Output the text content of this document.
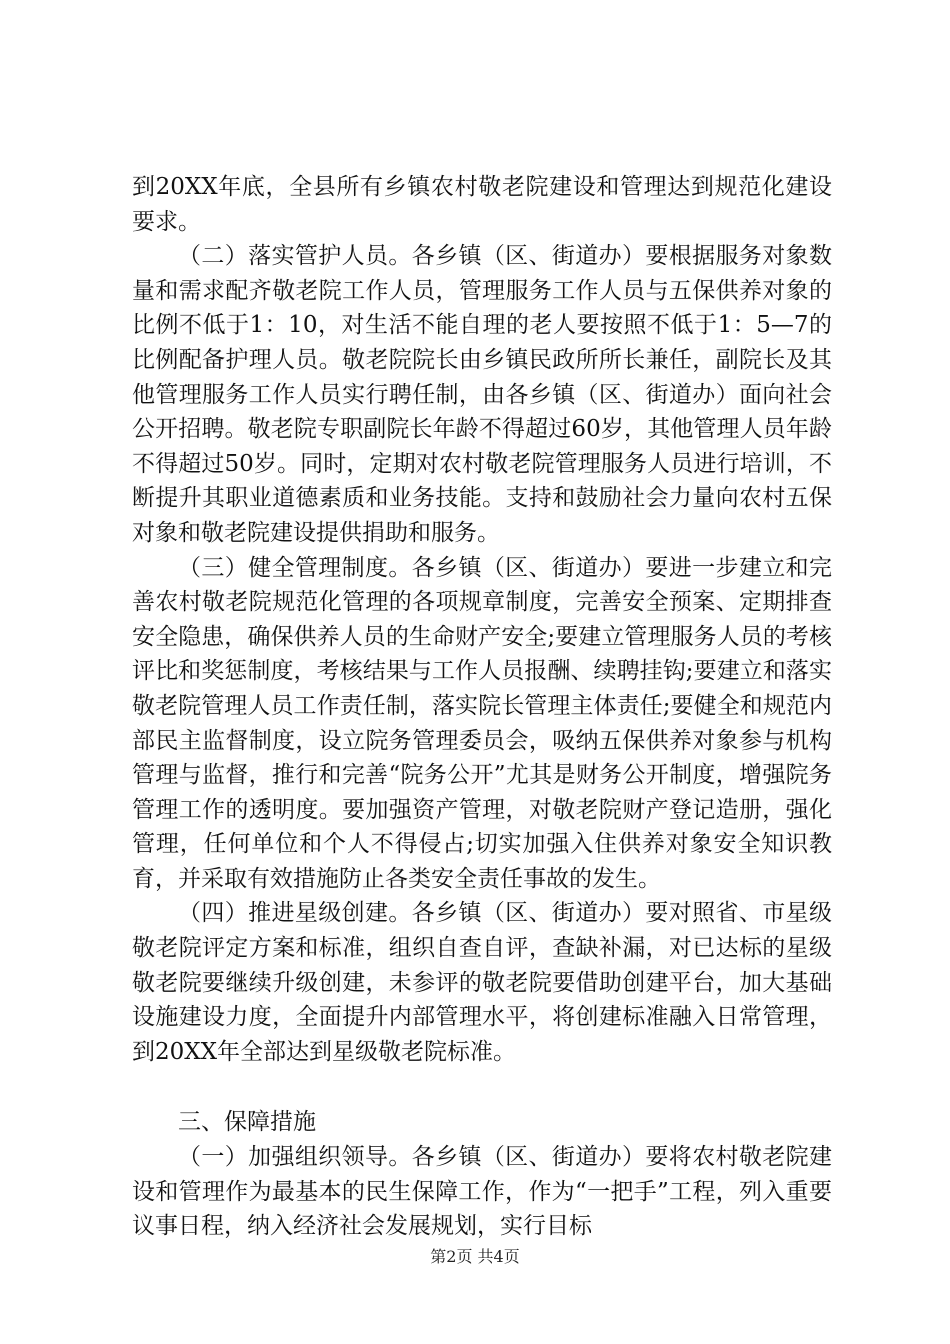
到20XX年底，全县所有乡镇农村敬老院建设和管理达到规范化建设要求。

（二）落实管护人员。各乡镇（区、街道办）要根据服务对象数量和需求配齐敬老院工作人员，管理服务工作人员与五保供养对象的比例不低于1：10，对生活不能自理的老人要按照不低于1：5—7的比例配备护理人员。敬老院院长由乡镇民政所所长兼任，副院长及其他管理服务工作人员实行聘任制，由各乡镇（区、街道办）面向社会公开招聘。敬老院专职副院长年龄不得超过60岁，其他管理人员年龄不得超过50岁。同时，定期对农村敬老院管理服务人员进行培训，不断提升其职业道德素质和业务技能。支持和鼓励社会力量向农村五保对象和敬老院建设提供捐助和服务。

（三）健全管理制度。各乡镇（区、街道办）要进一步建立和完善农村敬老院规范化管理的各项规章制度，完善安全预案、定期排查安全隐患，确保供养人员的生命财产安全;要建立管理服务人员的考核评比和奖惩制度，考核结果与工作人员报酬、续聘挂钩;要建立和落实敬老院管理人员工作责任制，落实院长管理主体责任;要健全和规范内部民主监督制度，设立院务管理委员会，吸纳五保供养对象参与机构管理与监督，推行和完善“院务公开”尤其是财务公开制度，增强院务管理工作的透明度。要加强资产管理，对敬老院财产登记造册，强化管理，任何单位和个人不得侵占;切实加强入住供养对象安全知识教育，并采取有效措施防止各类安全责任事故的发生。

（四）推进星级创建。各乡镇（区、街道办）要对照省、市星级敬老院评定方案和标准，组织自查自评，查缺补漏，对已达标的星级敬老院要继续升级创建，未参评的敬老院要借助创建平台，加大基础设施建设力度，全面提升内部管理水平，将创建标准融入日常管理，到20XX年全部达到星级敬老院标准。

三、保障措施

（一）加强组织领导。各乡镇（区、街道办）要将农村敬老院建设和管理作为最基本的民生保障工作，作为“一把手”工程，列入重要议事日程，纳入经济社会发展规划，实行目标

第2页 共4页
